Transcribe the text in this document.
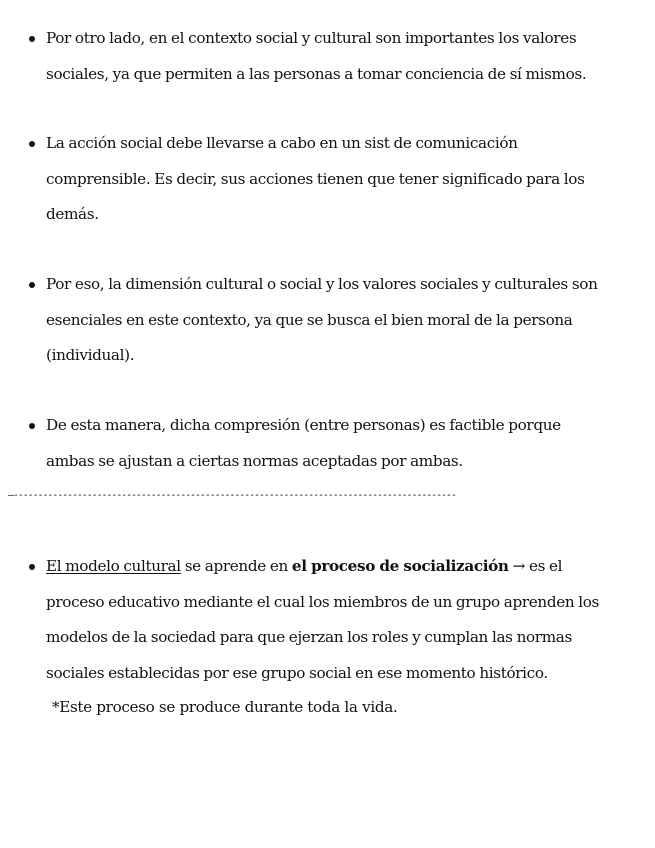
Por otro lado, en el contexto social y cultural son importantes los valores
sociales, ya que permiten a las personas a tomar conciencia de sí mismos.
La acción social debe llevarse a cabo en un sist de comunicación
comprensible. Es decir, sus acciones tienen que tener significado para los
demás.
Por eso, la dimensión cultural o social y los valores sociales y culturales son
esenciales en este contexto, ya que se busca el bien moral de la persona
(individual).
De esta manera, dicha compresión (entre personas) es factible porque
ambas se ajustan a ciertas normas aceptadas por ambas.
—------------------------------------------------------------------------------------------
El modelo cultural se aprende en el proceso de socialización → es el
proceso educativo mediante el cual los miembros de un grupo aprenden los
modelos de la sociedad para que ejerzan los roles y cumplan las normas
sociales establecidas por ese grupo social en ese momento histórico.
*Este proceso se produce durante toda la vida.
